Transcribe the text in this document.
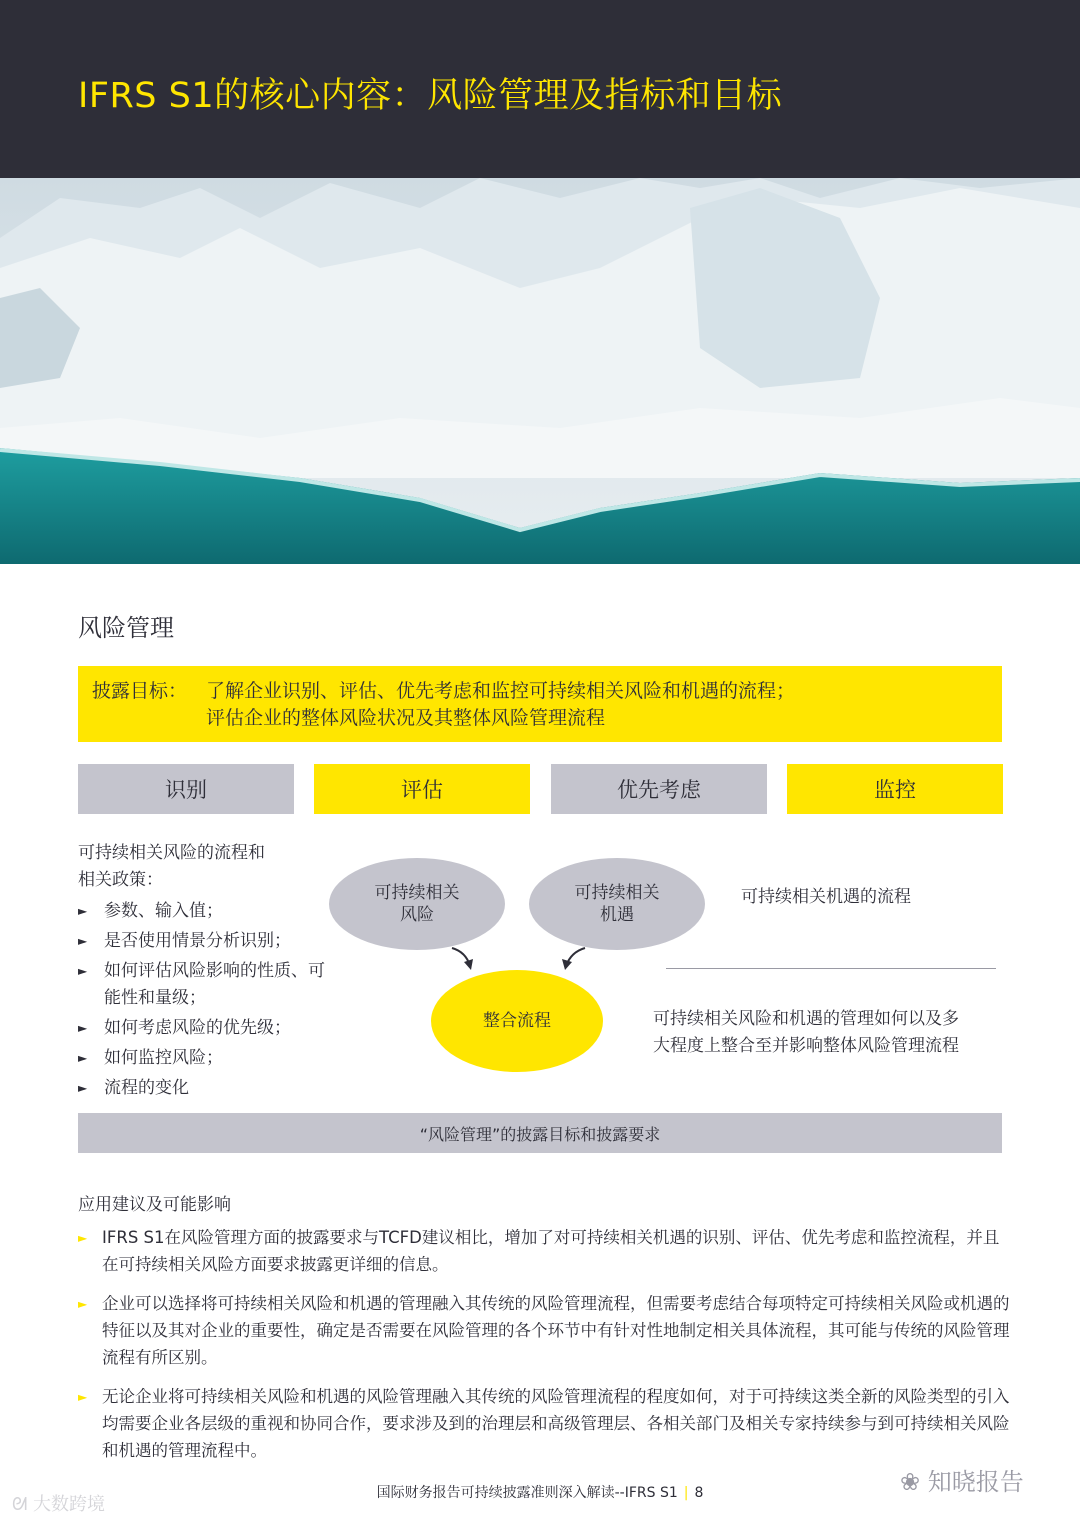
IFRS S1的核心内容：风险管理及指标和目标
风险管理
披露目标： 了解企业识别、评估、优先考虑和监控可持续相关风险和机遇的流程；
评估企业的整体风险状况及其整体风险管理流程
识别	评估	优先考虑	监控
可持续相关风险的流程和
相关政策：
► 参数、输入值；
► 是否使用情景分析识别；
► 如何评估风险影响的性质、可能性和量级；
► 如何考虑风险的优先级；
► 如何监控风险；
► 流程的变化
可持续相关
风险
可持续相关
机遇
整合流程
可持续相关机遇的流程
可持续相关风险和机遇的管理如何以及多
大程度上整合至并影响整体风险管理流程
“风险管理”的披露目标和披露要求
应用建议及可能影响
► IFRS S1在风险管理方面的披露要求与TCFD建议相比，增加了对可持续相关机遇的识别、评估、优先考虑和监控流程，并且在可持续相关风险方面要求披露更详细的信息。
► 企业可以选择将可持续相关风险和机遇的管理融入其传统的风险管理流程，但需要考虑结合每项特定可持续相关风险或机遇的特征以及其对企业的重要性，确定是否需要在风险管理的各个环节中有针对性地制定相关具体流程，其可能与传统的风险管理流程有所区别。
► 无论企业将可持续相关风险和机遇的风险管理融入其传统的风险管理流程的程度如何，对于可持续这类全新的风险类型的引入均需要企业各层级的重视和协同合作，要求涉及到的治理层和高级管理层、各相关部门及相关专家持续参与到可持续相关风险和机遇的管理流程中。
国际财务报告可持续披露准则深入解读--IFRS S1 | 8
ᘛ 大数跨境
❀ 知晓报告
